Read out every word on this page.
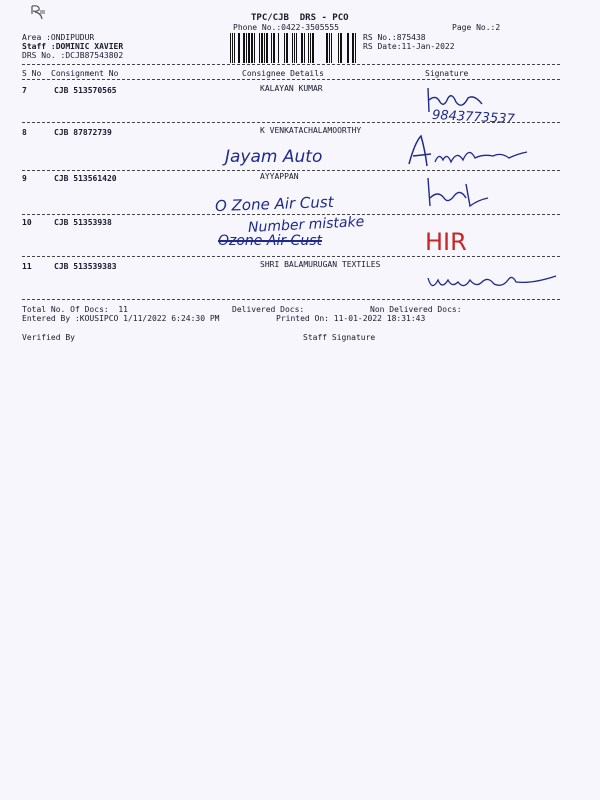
TPC/CJB  DRS - PCO
Phone No.:0422-3505555	Page No.:2
Area :ONDIPUDUR
Staff :DOMINIC XAVIER
DRS No. :DCJB87543802
RS No.:875438
RS Date:11-Jan-2022
S No Consignment No	Consignee Details	Signature
7	CJB 513570565	KALAYAN KUMAR
9843773537
8	CJB 87872739	K VENKATACHALAMOORTHY
Jayam Auto
9	CJB 513561420	AYYAPPAN
O Zone Air Cust
10	CJB 51353938	Number mistake
Ozone Air Cust	HIR
11	CJB 513539383	SHRI BALAMURUGAN TEXTILES
Total No. Of Docs:  11	Delivered Docs:	Non Delivered Docs:
Entered By :KOUSIPCO 1/11/2022 6:24:30 PM	Printed On: 11-01-2022 18:31:43
Verified By	Staff Signature
